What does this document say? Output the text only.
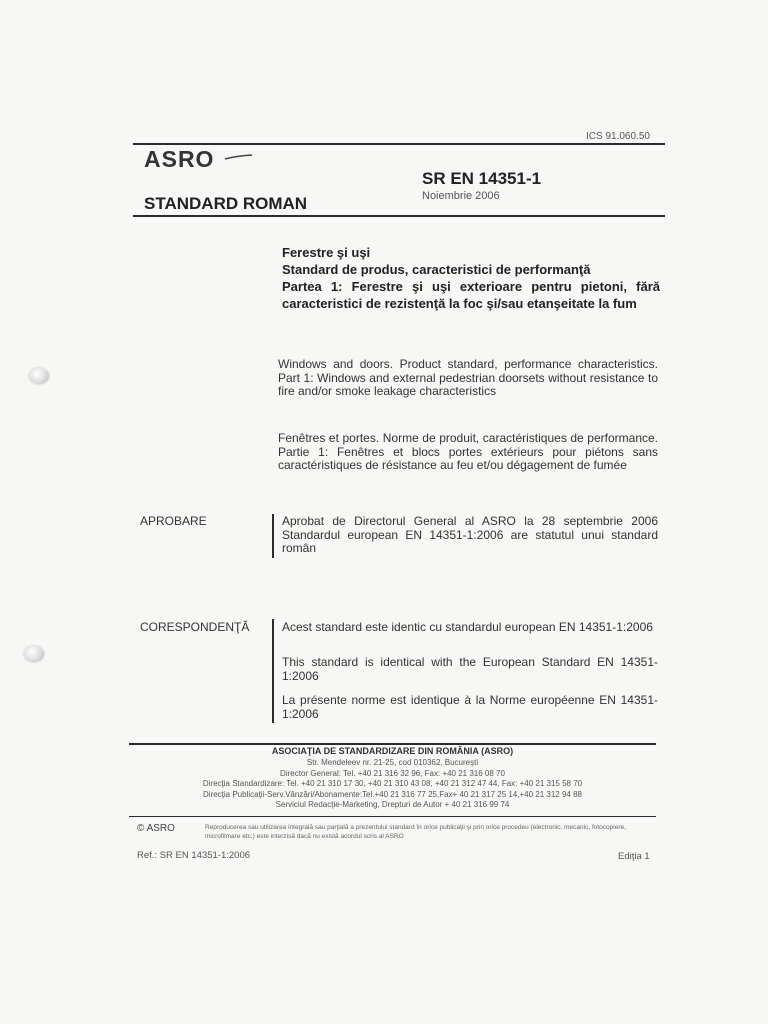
ICS 91.060.50
ASRO
STANDARD ROMAN
SR EN 14351-1
Noiembrie 2006
Ferestre şi uşi
Standard de produs, caracteristici de performanţă
Partea 1: Ferestre şi uşi exterioare pentru pietoni, fără caracteristici de rezistenţă la foc şi/sau etanşeitate la fum
Windows and doors. Product standard, performance characteristics. Part 1: Windows and external pedestrian doorsets without resistance to fire and/or smoke leakage characteristics
Fenêtres et portes. Norme de produit, caractéristiques de performance. Partie 1: Fenêtres et blocs portes extérieurs pour piétons sans caractéristiques de résistance au feu et/ou dégagement de fumée
APROBARE	Aprobat de Directorul General al ASRO la 28 septembrie 2006 Standardul european EN 14351-1:2006 are statutul unui standard român
CORESPONDENŢĂ	Acest standard este identic cu standardul european EN 14351-1:2006
This standard is identical with the European Standard EN 14351-1:2006
La présente norme est identique à la Norme européenne EN 14351-1:2006
ASOCIAŢIA DE STANDARDIZARE DIN ROMÂNIA (ASRO)
Str. Mendeleev nr. 21-25, cod 010362, Bucureşti
Director General: Tel. +40 21 316 32 96, Fax: +40 21 316 08 70
Direcţia Standardizare: Tel. +40 21 310 17 30, +40 21 310 43 08, +40 21 312 47 44, Fax: +40 21 315 58 70
Direcţia Publicaţii-Serv.Vânzări/Abonamente:Tel.+40 21 316 77 25,Fax+ 40 21 317 25 14,+40 21 312 94 88
Serviciul Redacţie-Marketing, Drepturi de Autor + 40 21 316 99 74
© ASRO	Reproducerea sau utilizarea integrală sau parţială a prezentului standard în orice publicaţii şi prin orice procedeu (electronic, mecanic, fotocopiere, microfilmare etc.) este interzisă dacă nu există acordul scris al ASRO
Ref.: SR EN 14351-1:2006	Ediţia 1
